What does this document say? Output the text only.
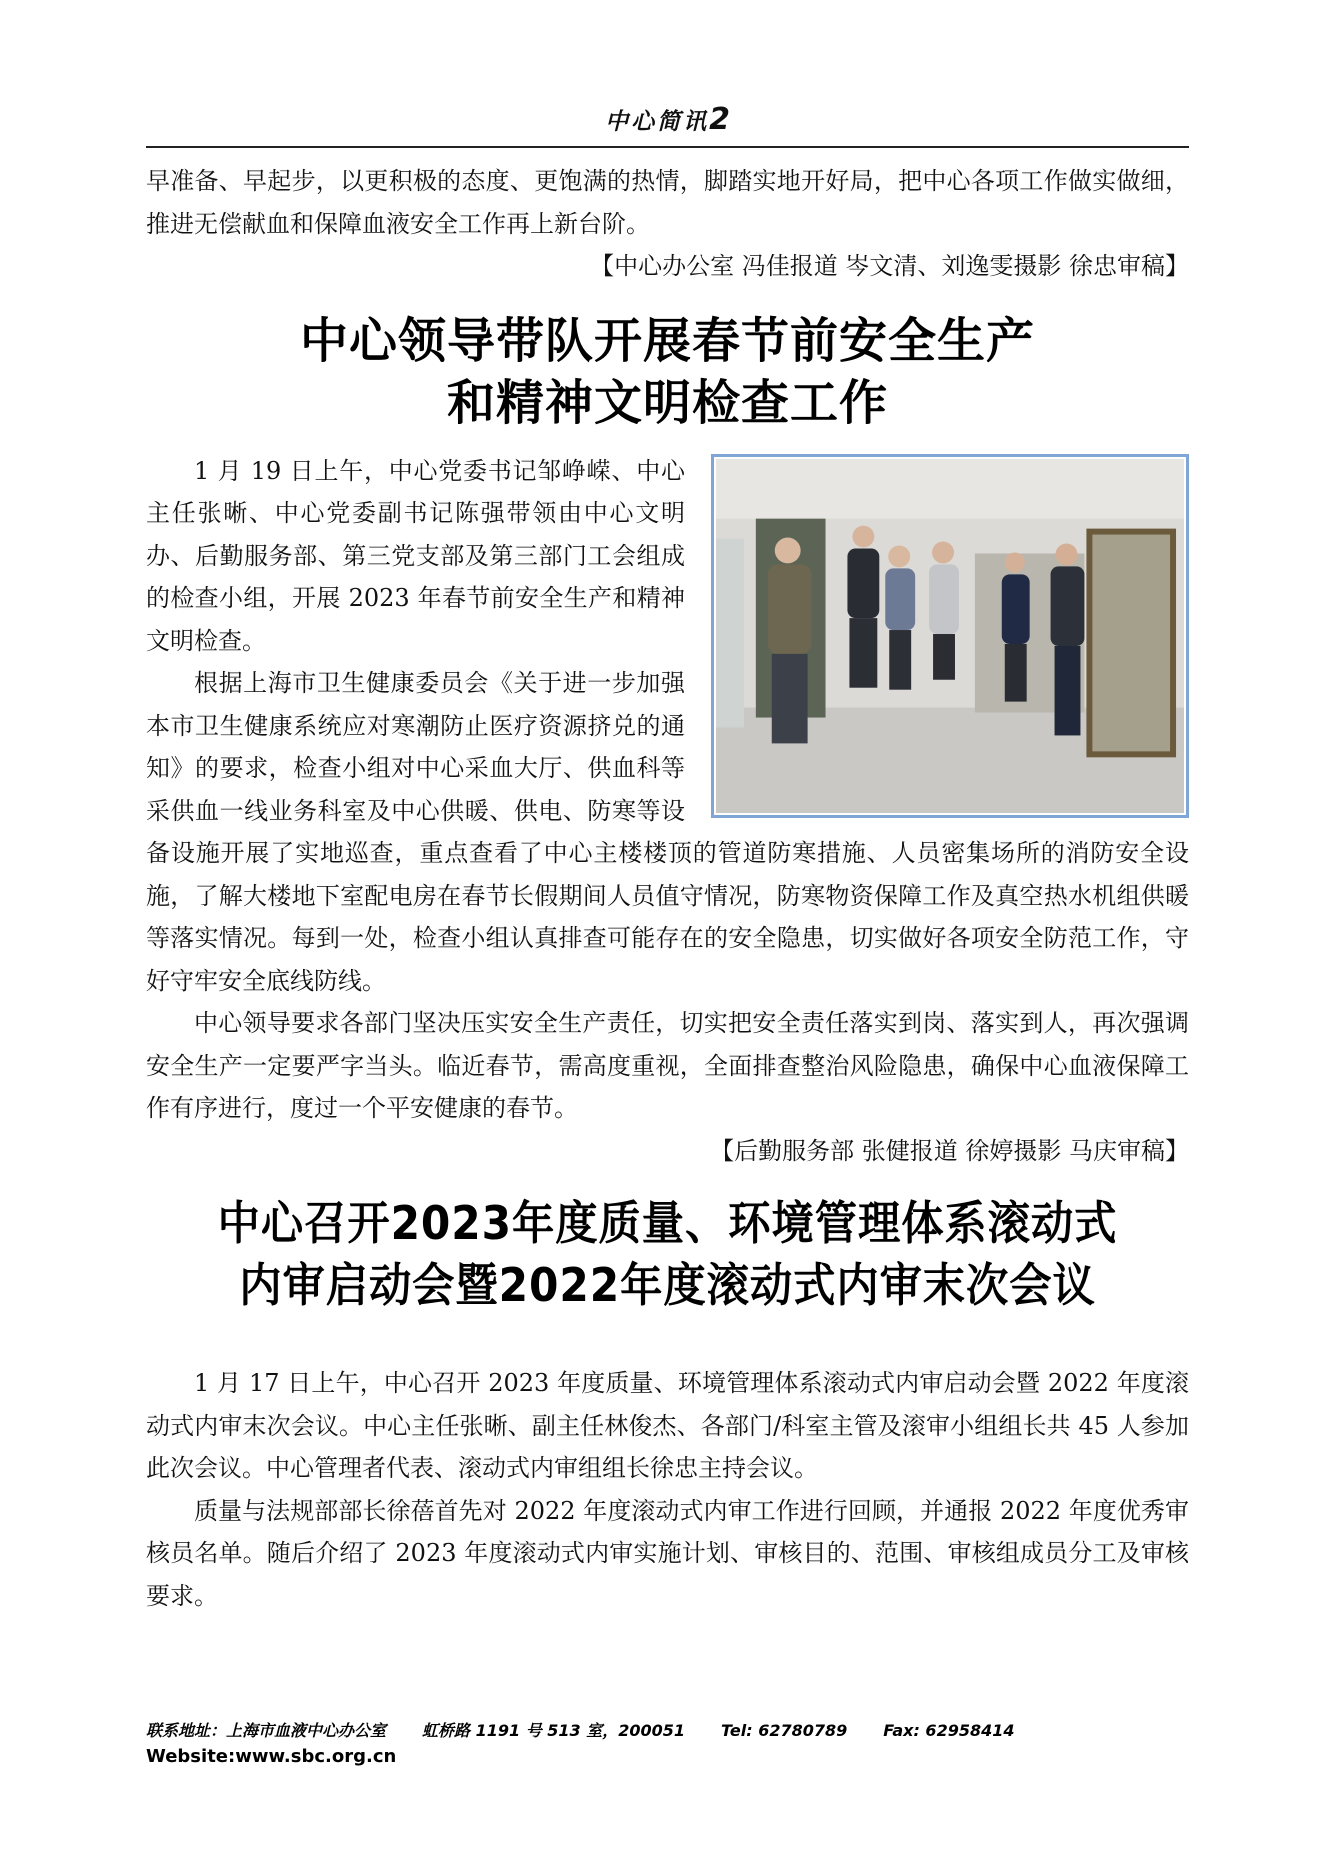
中心简讯2

早准备、早起步，以更积极的态度、更饱满的热情，脚踏实地开好局，把中心各项工作做实做细，推进无偿献血和保障血液安全工作再上新台阶。

【中心办公室 冯佳报道 岑文清、刘逸雯摄影 徐忠审稿】
中心领导带队开展春节前安全生产
和精神文明检查工作

1 月 19 日上午，中心党委书记邹峥嵘、中心主任张晰、中心党委副书记陈强带领由中心文明办、后勤服务部、第三党支部及第三部门工会组成的检查小组，开展 2023 年春节前安全生产和精神文明检查。

根据上海市卫生健康委员会《关于进一步加强本市卫生健康系统应对寒潮防止医疗资源挤兑的通知》的要求，检查小组对中心采血大厅、供血科等采供血一线业务科室及中心供暖、供电、防寒等设备设施开展了实地巡查，重点查看了中心主楼楼顶的管道防寒措施、人员密集场所的消防安全设施，了解大楼地下室配电房在春节长假期间人员值守情况，防寒物资保障工作及真空热水机组供暖等落实情况。每到一处，检查小组认真排查可能存在的安全隐患，切实做好各项安全防范工作，守好守牢安全底线防线。

中心领导要求各部门坚决压实安全生产责任，切实把安全责任落实到岗、落实到人，再次强调安全生产一定要严字当头。临近春节，需高度重视，全面排查整治风险隐患，确保中心血液保障工作有序进行，度过一个平安健康的春节。

【后勤服务部 张健报道 徐婷摄影 马庆审稿】
中心召开2023年度质量、环境管理体系滚动式
内审启动会暨2022年度滚动式内审末次会议

1 月 17 日上午，中心召开 2023 年度质量、环境管理体系滚动式内审启动会暨 2022 年度滚动式内审末次会议。中心主任张晰、副主任林俊杰、各部门/科室主管及滚审小组组长共 45 人参加此次会议。中心管理者代表、滚动式内审组组长徐忠主持会议。

质量与法规部部长徐蓓首先对 2022 年度滚动式内审工作进行回顾，并通报 2022 年度优秀审核员名单。随后介绍了 2023 年度滚动式内审实施计划、审核目的、范围、审核组成员分工及审核要求。

联系地址：上海市血液中心办公室 虹桥路 1191 号 513 室，200051 Tel: 62780789 Fax: 62958414
Website:www.sbc.org.cn
